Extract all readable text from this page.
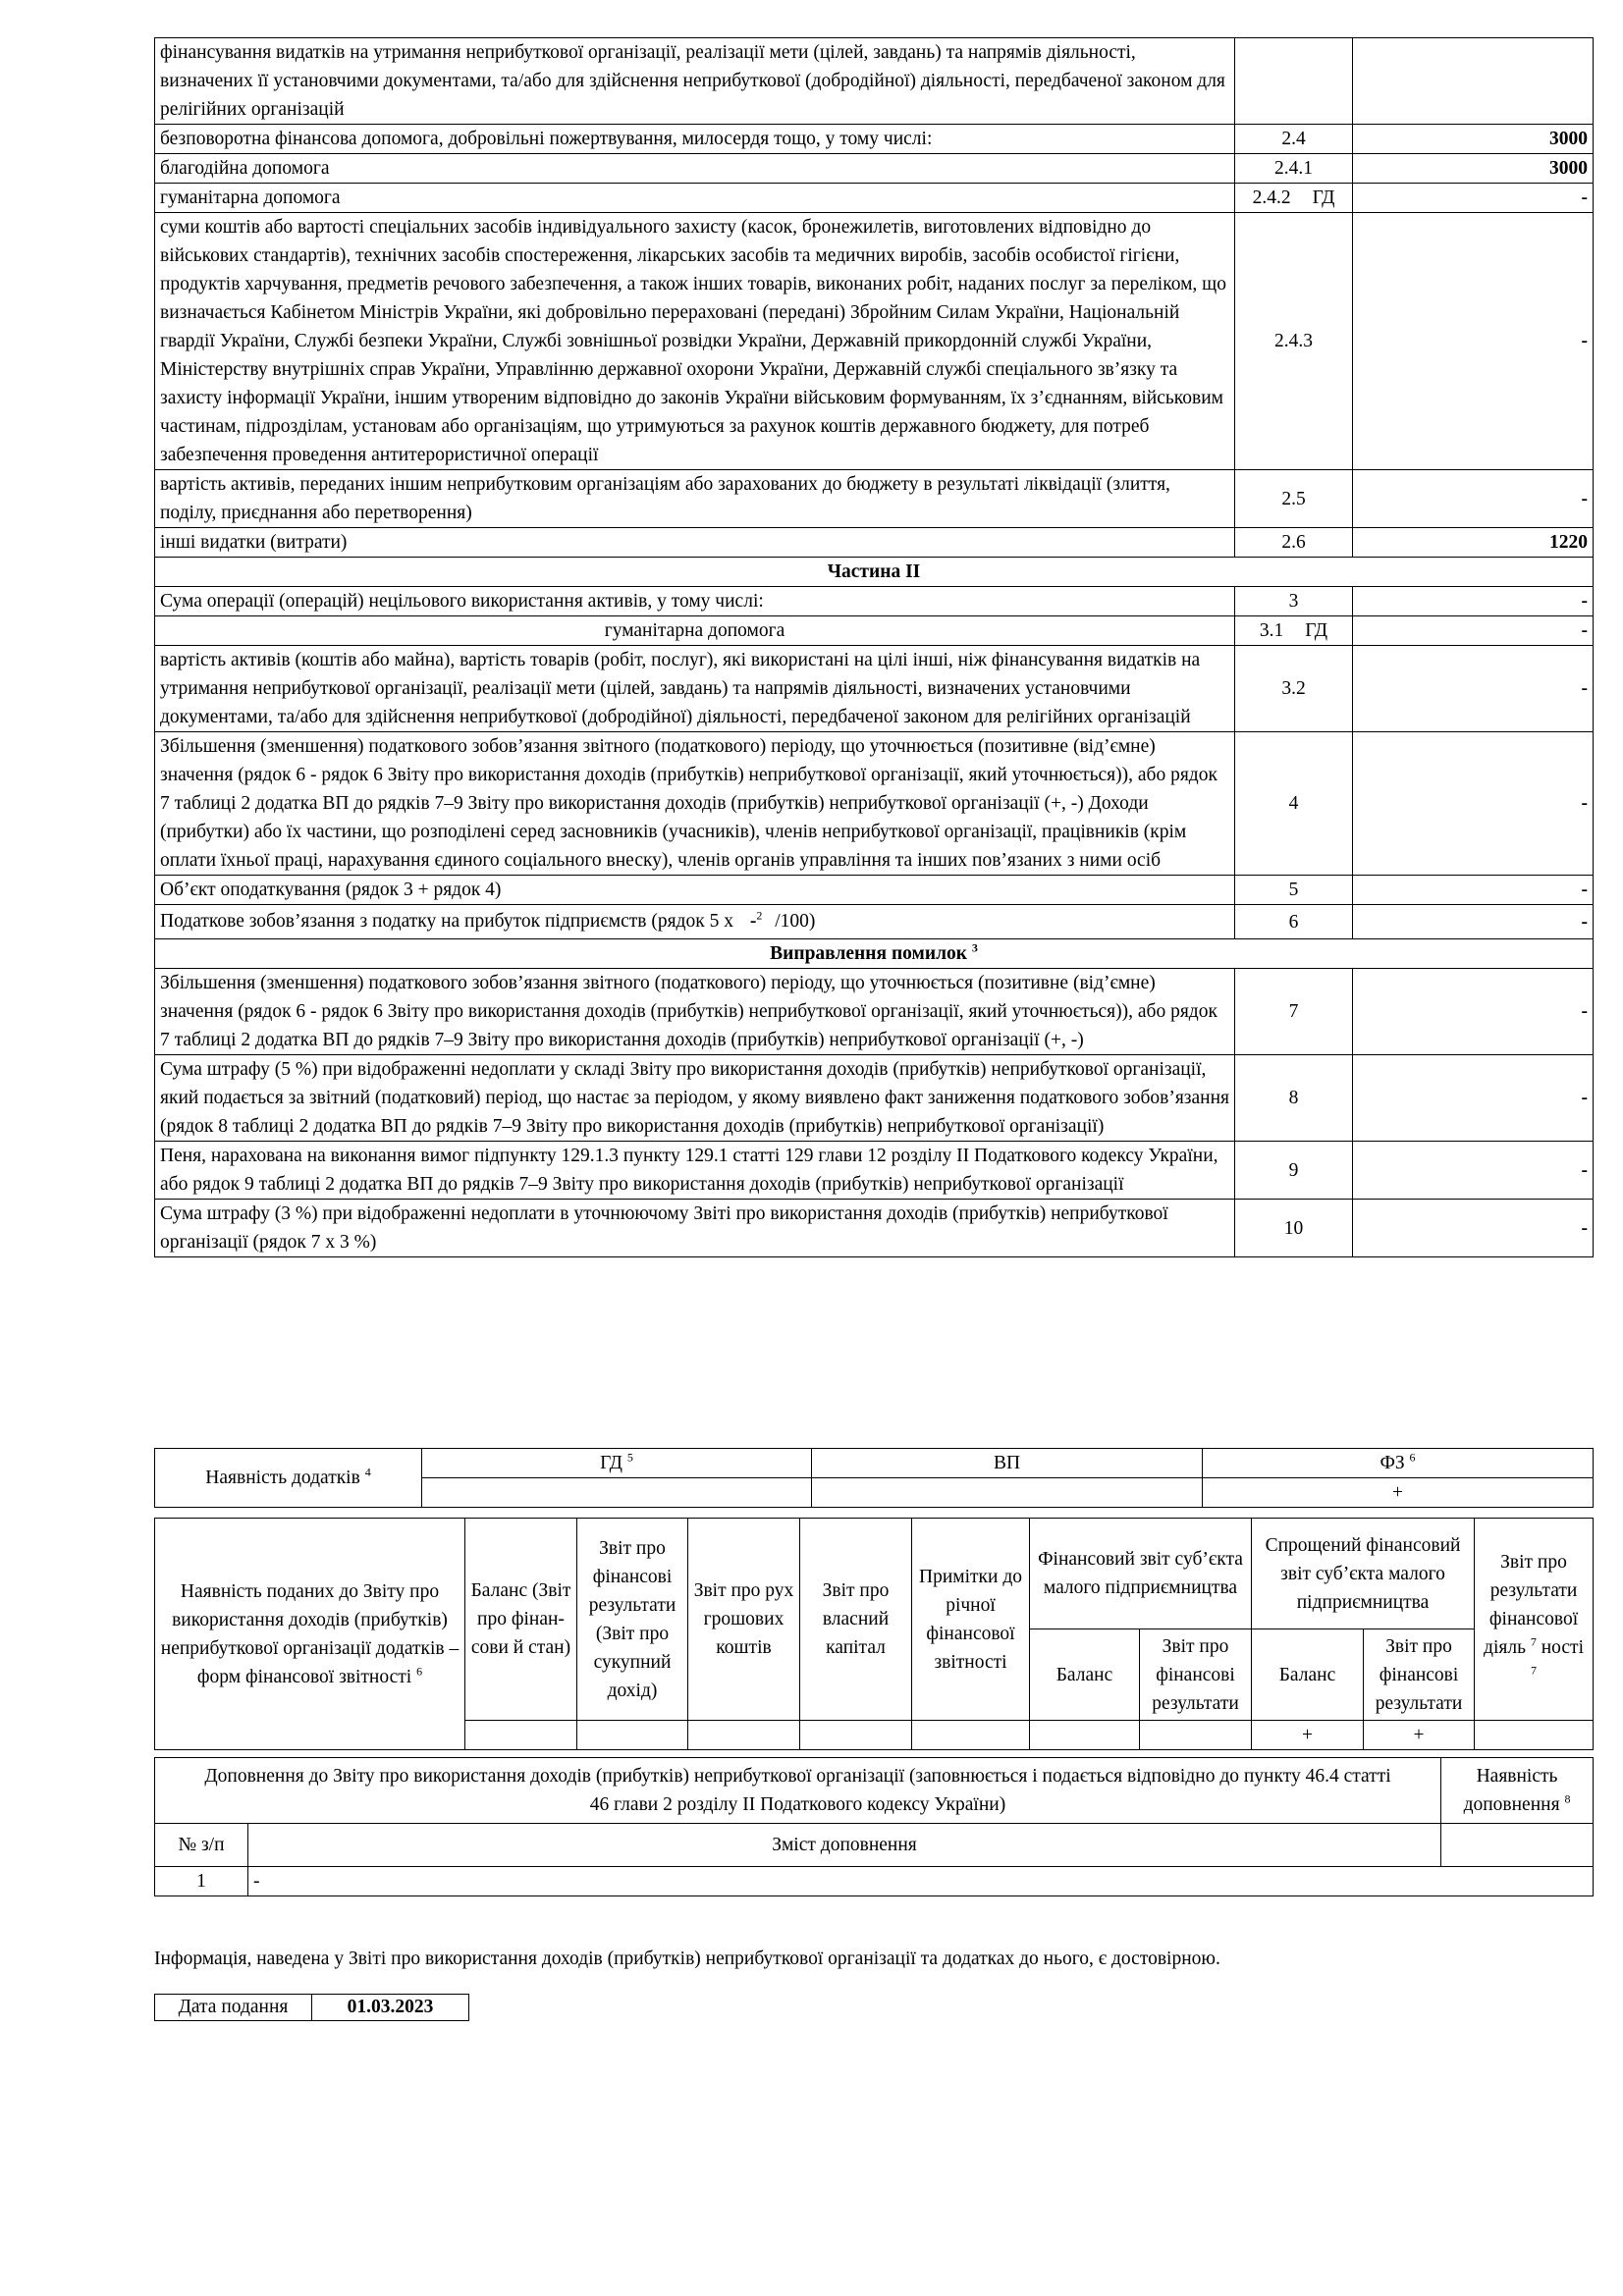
фінансування видатків на утримання неприбуткової організації, реалізації мети (цілей, завдань) та напрямів діяльності, визначених її установчими документами, та/або для здійснення неприбуткової (добродійної) діяльності, передбаченої законом для релігійних організацій		
безповоротна фінансова допомога, добровільні пожертвування, милосердя тощо, у тому числі:	2.4	3000
благодійна допомога	2.4.1	3000
гуманітарна допомога	2.4.2 ГД	-
суми коштів або вартості спеціальних засобів індивідуального захисту (касок, бронежилетів, виготовлених відповідно до військових стандартів), технічних засобів спостереження, лікарських засобів та медичних виробів, засобів особистої гігієни, продуктів харчування, предметів речового забезпечення, а також інших товарів, виконаних робіт, наданих послуг за переліком, що визначається Кабінетом Міністрів України, які добровільно перераховані (передані) Збройним Силам України, Національній гвардії України, Службі безпеки України, Службі зовнішньої розвідки України, Державній прикордонній службі України, Міністерству внутрішніх справ України, Управлінню державної охорони України, Державній службі спеціального зв’язку та захисту інформації України, іншим утвореним відповідно до законів України військовим формуванням, їх з’єднанням, військовим частинам, підрозділам, установам або організаціям, що утримуються за рахунок коштів державного бюджету, для потреб забезпечення проведення антитерористичної операції	2.4.3	-
вартість активів, переданих іншим неприбутковим організаціям або зарахованих до бюджету в результаті ліквідації (злиття, поділу, приєднання або перетворення)	2.5	-
інші видатки (витрати)	2.6	1220
Частина ІІ		
Сума операції (операцій) нецільового використання активів, у тому числі:	3	-
гуманітарна допомога	3.1 ГД	-
вартість активів (коштів або майна), вартість товарів (робіт, послуг), які використані на цілі інші, ніж фінансування видатків на утримання неприбуткової організації, реалізації мети (цілей, завдань) та напрямів діяльності, визначених установчими документами, та/або для здійснення неприбуткової (добродійної) діяльності, передбаченої законом для релігійних організацій	3.2	-
Збільшення (зменшення) податкового зобов’язання звітного (податкового) періоду, що уточнюється (позитивне (від’ємне) значення (рядок 6 - рядок 6 Звіту про використання доходів (прибутків) неприбуткової організації, який уточнюється)), або рядок 7 таблиці 2 додатка ВП до рядків 7–9 Звіту про використання доходів (прибутків) неприбуткової організації (+, -) Доходи (прибутки) або їх частини, що розподілені серед засновників (учасників), членів неприбуткової організації, працівників (крім оплати їхньої праці, нарахування єдиного соціального внеску), членів органів управління та інших пов’язаних з ними осіб	4	-
Об’єкт оподаткування (рядок 3 + рядок 4)	5	-
Податкове зобов’язання з податку на прибуток підприємств (рядок 5 х -$^2$ /100)	6	-
Виправлення помилок $^3$
Збільшення (зменшення) податкового зобов’язання звітного (податкового) періоду, що уточнюється (позитивне (від’ємне) значення (рядок 6 - рядок 6 Звіту про використання доходів (прибутків) неприбуткової організації, який уточнюється)), або рядок 7 таблиці 2 додатка ВП до рядків 7–9 Звіту про використання доходів (прибутків) неприбуткової організації (+, -)	7	-
Сума штрафу (5 %) при відображенні недоплати у складі Звіту про використання доходів (прибутків) неприбуткової організації, який подається за звітний (податковий) період, що настає за періодом, у якому виявлено факт заниження податкового зобов’язання (рядок 8 таблиці 2 додатка ВП до рядків 7–9 Звіту про використання доходів (прибутків) неприбуткової організації)	8	-
Пеня, нарахована на виконання вимог підпункту 129.1.3 пункту 129.1 статті 129 глави 12 розділу II Податкового кодексу України, або рядок 9 таблиці 2 додатка ВП до рядків 7–9 Звіту про використання доходів (прибутків) неприбуткової організації	9	-
Сума штрафу (3 %) при відображенні недоплати в уточнюючому Звіті про використання доходів (прибутків) неприбуткової організації (рядок 7 х 3 %)	10	-
Наявність додатків $^4$	ГД $^5$	ВП	ФЗ $^6$
			+
Наявність поданих до Звіту про використання доходів (прибутків) неприбуткової організації додатків – форм фінансової звітності $^6$	Баланс (Звіт про фінан-сови й стан)	Звіт про фінансові результати (Звіт про сукупний дохід)	Звіт про рух грошових коштів	Звіт про власний капітал	Примітки до річної фінансової звітності	Фінансовий звіт суб’єкта малого підприємництва		Спрощений фінансовий звіт суб’єкта малого підприємництва		Звіт про результати фінансової діяль $^7$ ності $^7$
						Баланс	Звіт про фінансові результати	Баланс	Звіт про фінансові результати	
								+	+	
Доповнення до Звіту про використання доходів (прибутків) неприбуткової організації (заповнюється і подається відповідно до пункту 46.4 статті 46 глави 2 розділу II Податкового кодексу України)		Наявність доповнення $^8$
№ з/п	Зміст доповнення	
1	-	
Інформація, наведена у Звіті про використання доходів (прибутків) неприбуткової організації та додатках до нього, є достовірною.
Дата подання	01.03.2023
